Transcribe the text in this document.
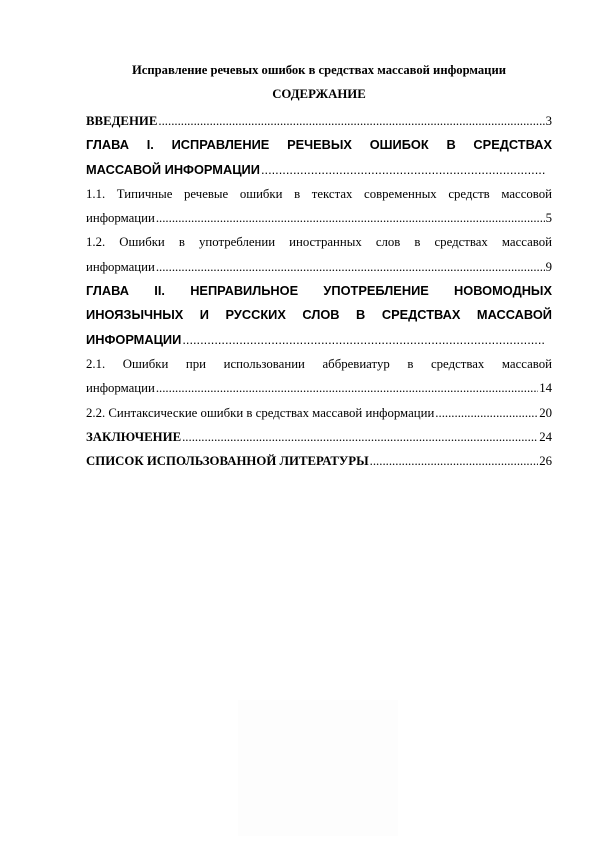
Исправление речевых ошибок в средствах массавой информации
СОДЕРЖАНИЕ
ВВЕДЕНИЕ .....	3
ГЛАВА I. ИСПРАВЛЕНИЕ РЕЧЕВЫХ ОШИБОК В СРЕДСТВАХ
МАССАВОЙ ИНФОРМАЦИИ
.....
1.1. Типичные речевые ошибки в текстах современных средств массовой
информации .....	5
1.2. Ошибки в употреблении иностранных слов в средствах массавой
информации .....	9
ГЛАВА II. НЕПРАВИЛЬНОЕ УПОТРЕБЛЕНИЕ НОВОМОДНЫХ
ИНОЯЗЫЧНЫХ И РУССКИХ СЛОВ В СРЕДСТВАХ МАССАВОЙ
ИНФОРМАЦИИ
.....
2.1. Ошибки при использовании аббревиатур в средствах массавой
информации .....	14
2.2. Синтаксические ошибки в средствах массавой информации .....	20
ЗАКЛЮЧЕНИЕ .....	24
СПИСОК ИСПОЛЬЗОВАННОЙ ЛИТЕРАТУРЫ .....	26
